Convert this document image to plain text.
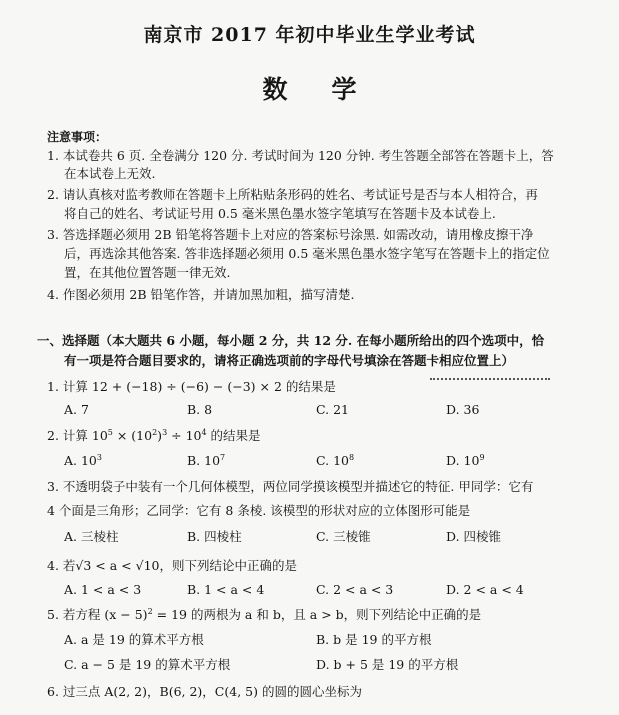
南京市 2017 年初中毕业生学业考试
数学
注意事项：
1. 本试卷共 6 页. 全卷满分 120 分. 考试时间为 120 分钟. 考生答题全部答在答题卡上，答
在本试卷上无效.
2. 请认真核对监考教师在答题卡上所粘贴条形码的姓名、考试证号是否与本人相符合，再
将自己的姓名、考试证号用 0.5 毫米黑色墨水签字笔填写在答题卡及本试卷上.
3. 答选择题必须用 2B 铅笔将答题卡上对应的答案标号涂黑. 如需改动，请用橡皮擦干净
后，再选涂其他答案. 答非选择题必须用 0.5 毫米黑色墨水签字笔写在答题卡上的指定位
置，在其他位置答题一律无效.
4. 作图必须用 2B 铅笔作答，并请加黑加粗，描写清楚.
一、选择题（本大题共 6 小题，每小题 2 分，共 12 分. 在每小题所给出的四个选项中，恰
有一项是符合题目要求的，请将正确选项前的字母代号填涂在答题卡相应位置上）
1. 计算 12 + (−18) ÷ (−6) − (−3) × 2 的结果是
A. 7	B. 8	C. 21	D. 36
2. 计算 $10^5 \times (10^2)^3 \div 10^4$ 的结果是
A. $10^3$	B. $10^7$	C. $10^8$	D. $10^9$
3. 不透明袋子中装有一个几何体模型，两位同学摸该模型并描述它的特征. 甲同学：它有
4 个面是三角形；乙同学：它有 8 条棱. 该模型的形状对应的立体图形可能是
A. 三棱柱	B. 四棱柱	C. 三棱锥	D. 四棱锥
4. 若√3 < a < √10，则下列结论中正确的是
A. 1 < a < 3	B. 1 < a < 4	C. 2 < a < 3	D. 2 < a < 4
5. 若方程 $(x - 5)^2 = 19$ 的两根为 a 和 b，且 a > b，则下列结论中正确的是
A. a 是 19 的算术平方根	B. b 是 19 的平方根
C. a − 5 是 19 的算术平方根	D. b + 5 是 19 的平方根
6. 过三点 A(2, 2)，B(6, 2)，C(4, 5) 的圆的圆心坐标为
